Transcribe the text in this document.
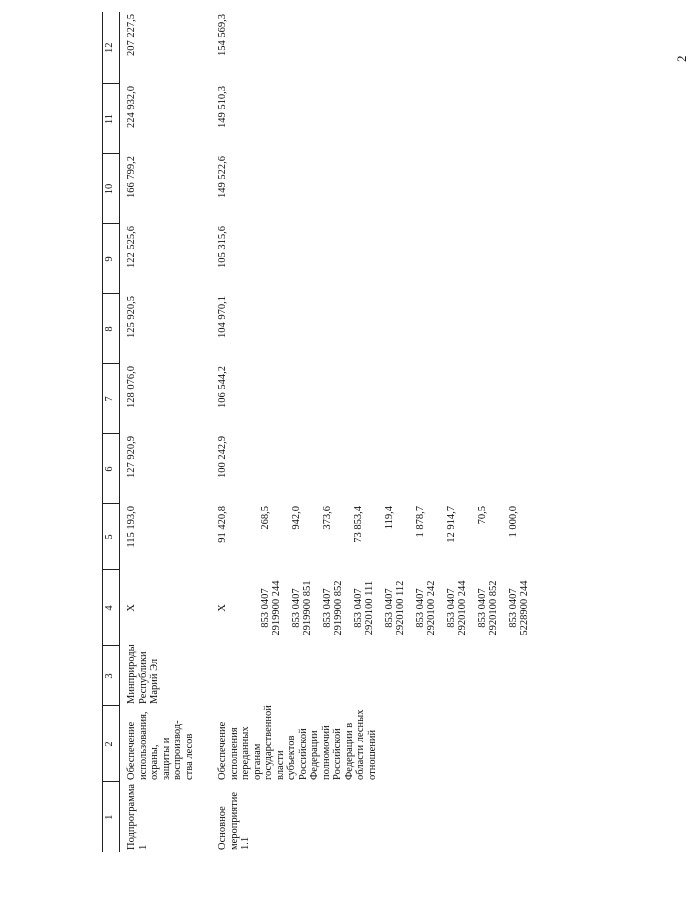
2
1	2	3	4	5	6	7	8	9	10	11	12
Подпрограмма 1	Обеспечение использования, охраны, защиты и воспроизвод-ства лесов	Минприроды Республики Марий Эл	Х	115 193,0	127 920,9	128 076,0	125 920,5	122 525,6	166 799,2	224 932,0	207 227,5
Основное мероприятие 1.1	Обеспечение исполнения переданных органам государственной власти субъектов Российской Федерации полномочий Российской Федерации в области лесных отношений		Х	91 420,8	100 242,9	106 544,2	104 970,1	105 315,6	149 522,6	149 510,3	154 569,3
			853 0407 2919900 244	268,5							
			853 0407 2919900 851	942,0							
			853 0407 2919900 852	373,6							
			853 0407 2920100 111	73 853,4							
			853 0407 2920100 112	119,4							
			853 0407 2920100 242	1 878,7							
			853 0407 2920100 244	12 914,7							
			853 0407 2920100 852	70,5							
			853 0407 5228900 244	1 000,0							
